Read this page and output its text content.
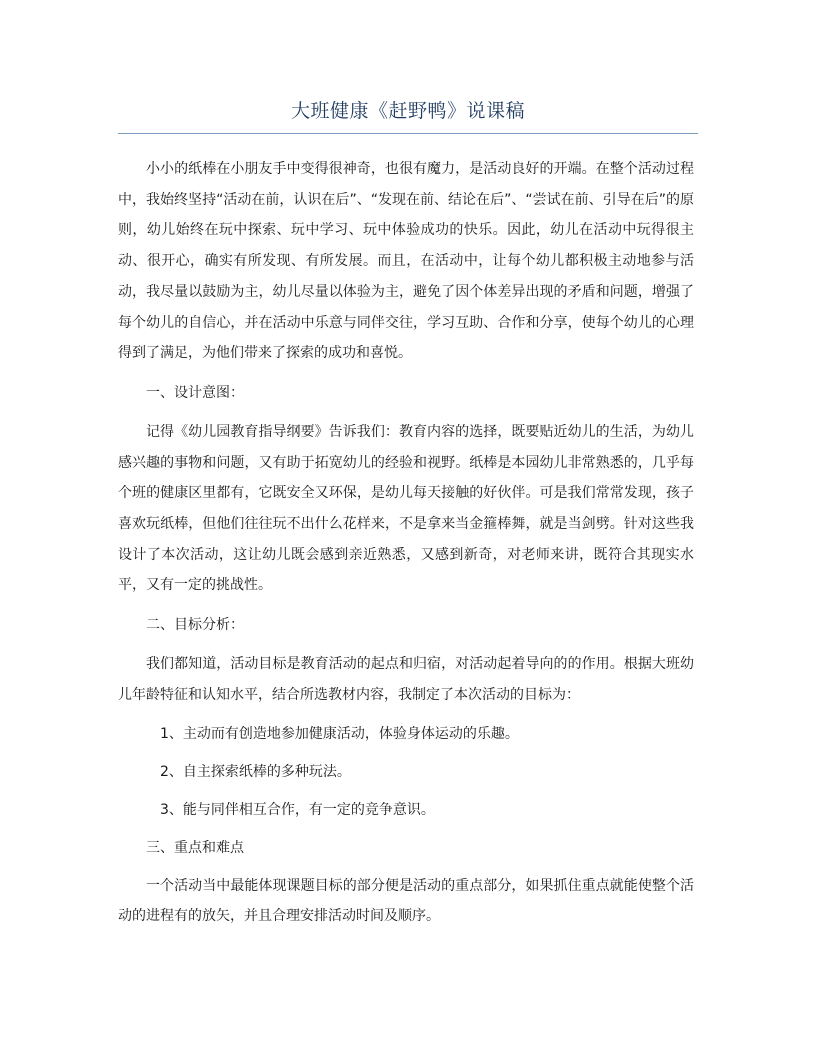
大班健康《赶野鸭》说课稿

小小的纸棒在小朋友手中变得很神奇，也很有魔力，是活动良好的开端。在整个活动过程中，我始终坚持“活动在前，认识在后”、“发现在前、结论在后”、“尝试在前、引导在后”的原则，幼儿始终在玩中探索、玩中学习、玩中体验成功的快乐。因此，幼儿在活动中玩得很主动、很开心，确实有所发现、有所发展。而且，在活动中，让每个幼儿都积极主动地参与活动，我尽量以鼓励为主，幼儿尽量以体验为主，避免了因个体差异出现的矛盾和问题，增强了每个幼儿的自信心，并在活动中乐意与同伴交往，学习互助、合作和分享，使每个幼儿的心理得到了满足，为他们带来了探索的成功和喜悦。

一、设计意图：

记得《幼儿园教育指导纲要》告诉我们：教育内容的选择，既要贴近幼儿的生活，为幼儿感兴趣的事物和问题，又有助于拓宽幼儿的经验和视野。纸棒是本园幼儿非常熟悉的，几乎每个班的健康区里都有，它既安全又环保，是幼儿每天接触的好伙伴。可是我们常常发现，孩子喜欢玩纸棒，但他们往往玩不出什么花样来，不是拿来当金箍棒舞，就是当剑劈。针对这些我设计了本次活动，这让幼儿既会感到亲近熟悉，又感到新奇，对老师来讲，既符合其现实水平，又有一定的挑战性。

二、目标分析：

我们都知道，活动目标是教育活动的起点和归宿，对活动起着导向的的作用。根据大班幼儿年龄特征和认知水平，结合所选教材内容，我制定了本次活动的目标为：

1、主动而有创造地参加健康活动，体验身体运动的乐趣。

2、自主探索纸棒的多种玩法。

3、能与同伴相互合作，有一定的竞争意识。

三、重点和难点

一个活动当中最能体现课题目标的部分便是活动的重点部分，如果抓住重点就能使整个活动的进程有的放矢，并且合理安排活动时间及顺序。
